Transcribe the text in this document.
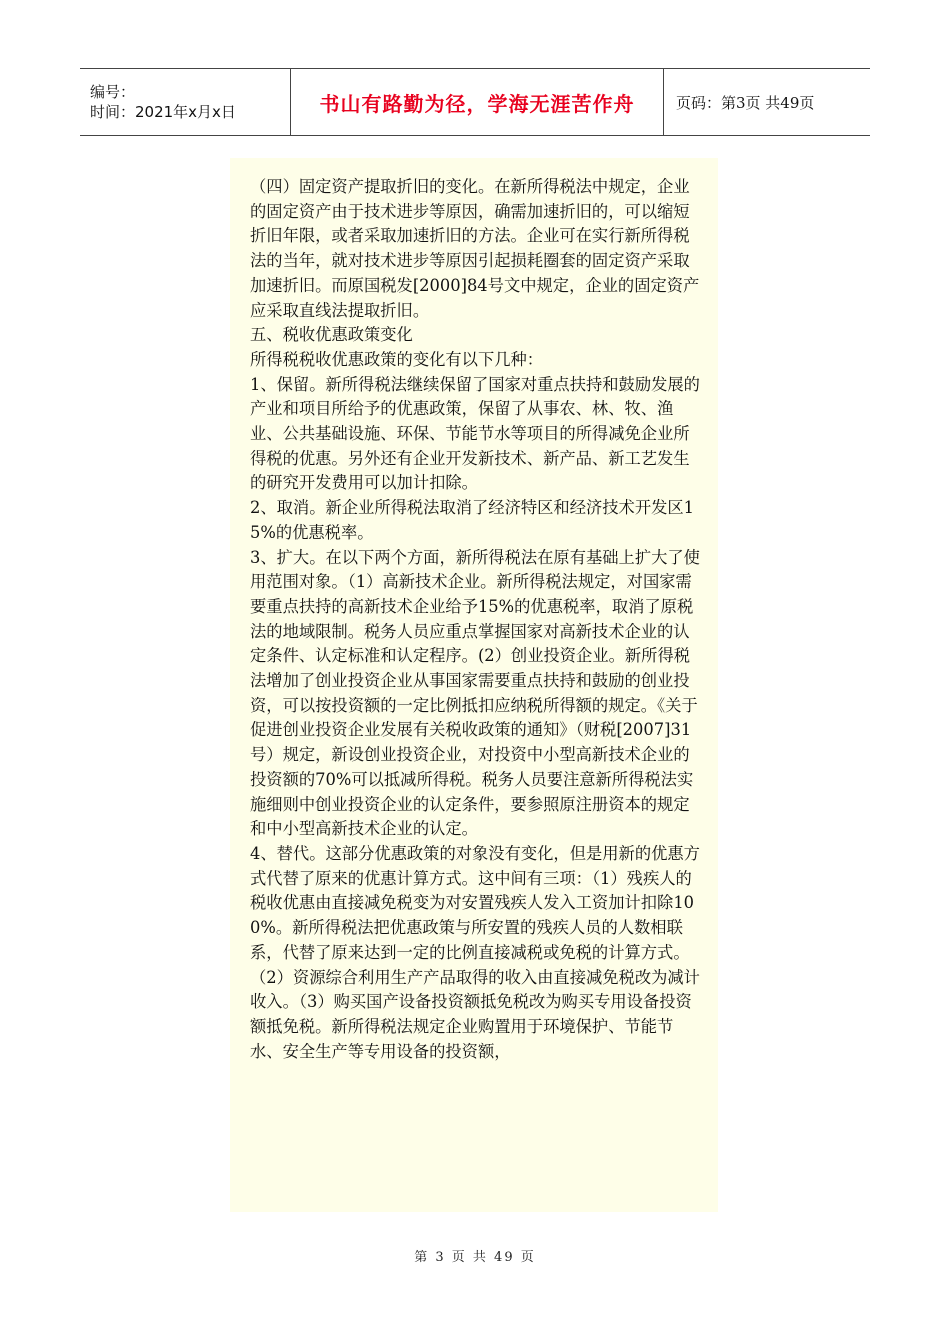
编号：
时间：2021年x月x日	书山有路勤为径，学海无涯苦作舟	页码：第3页 共49页

（四）固定资产提取折旧的变化。在新所得税法中规定，企业的固定资产由于技术进步等原因，确需加速折旧的，可以缩短折旧年限，或者采取加速折旧的方法。企业可在实行新所得税法的当年，就对技术进步等原因引起损耗圈套的固定资产采取加速折旧。而原国税发[2000]84号文中规定，企业的固定资产应采取直线法提取折旧。

五、税收优惠政策变化

所得税税收优惠政策的变化有以下几种：

1、保留。新所得税法继续保留了国家对重点扶持和鼓励发展的产业和项目所给予的优惠政策，保留了从事农、林、牧、渔业、公共基础设施、环保、节能节水等项目的所得减免企业所得税的优惠。另外还有企业开发新技术、新产品、新工艺发生的研究开发费用可以加计扣除。

2、取消。新企业所得税法取消了经济特区和经济技术开发区15%的优惠税率。

3、扩大。在以下两个方面，新所得税法在原有基础上扩大了使用范围对象。（1）高新技术企业。新所得税法规定，对国家需要重点扶持的高新技术企业给予15%的优惠税率，取消了原税法的地域限制。税务人员应重点掌握国家对高新技术企业的认定条件、认定标准和认定程序。(2）创业投资企业。新所得税法增加了创业投资企业从事国家需要重点扶持和鼓励的创业投资，可以按投资额的一定比例抵扣应纳税所得额的规定。《关于促进创业投资企业发展有关税收政策的通知》（财税[2007]31号）规定，新设创业投资企业，对投资中小型高新技术企业的投资额的70%可以抵减所得税。税务人员要注意新所得税法实施细则中创业投资企业的认定条件，要参照原注册资本的规定和中小型高新技术企业的认定。

4、替代。这部分优惠政策的对象没有变化，但是用新的优惠方式代替了原来的优惠计算方式。这中间有三项：（1）残疾人的税收优惠由直接减免税变为对安置残疾人发入工资加计扣除100%。新所得税法把优惠政策与所安置的残疾人员的人数相联系，代替了原来达到一定的比例直接减税或免税的计算方式。（2）资源综合利用生产产品取得的收入由直接减免税改为减计收入。（3）购买国产设备投资额抵免税改为购买专用设备投资额抵免税。新所得税法规定企业购置用于环境保护、节能节水、安全生产等专用设备的投资额，

第 3 页 共 49 页
